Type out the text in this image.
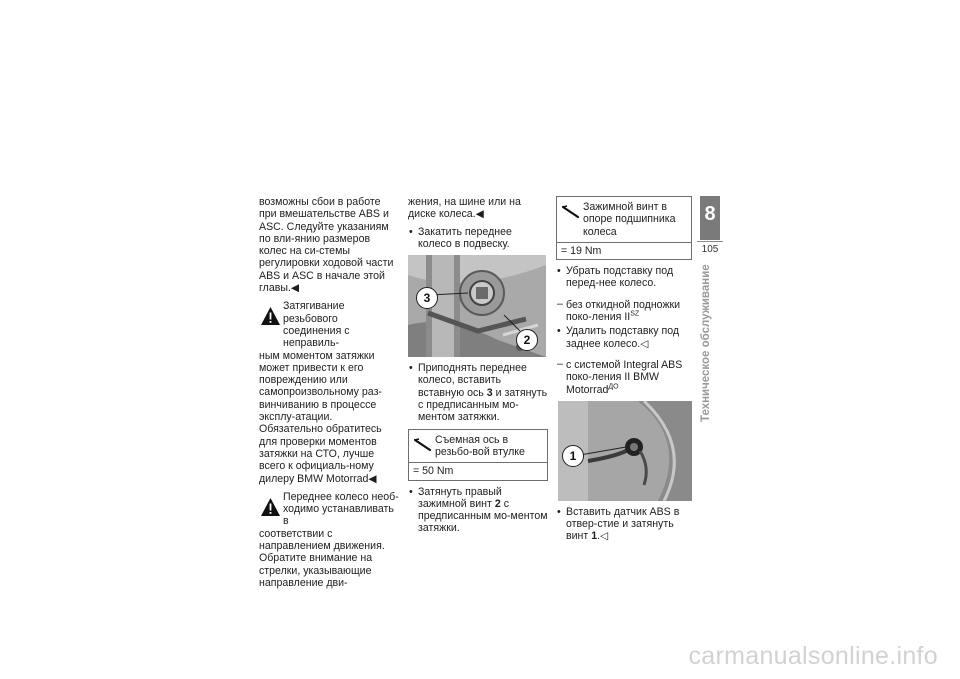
возможны сбои в работе при вмешательстве ABS и ASC. Следуйте указаниям по вли-янию размеров колес на си-стемы регулировки ходовой части ABS и ASC в начале этой главы.◀
Затягивание резьбового соединения с неправиль-
ным моментом затяжки может привести к его повреждению или самопроизвольному раз-винчиванию в процессе эксплу-атации.
Обязательно обратитесь для проверки моментов затяжки на СТО, лучше всего к официаль-ному дилеру BMW Motorrad◀
Переднее колесо необ-ходимо устанавливать в
соответствии с направлением движения.
Обратите внимание на стрелки, указывающие направление дви-
жения, на шине или на диске колеса.◀
• Закатить переднее колесо в подвеску.
3
2
• Приподнять переднее колесо, вставить вставную ось 3 и затянуть с предписанным мо-ментом затяжки.
Съемная ось в резьбо-вой втулке
= 50 Nm
• Затянуть правый зажимной винт 2 с предписанным мо-ментом затяжки.
Зажимной винт в опоре подшипника колеса
= 19 Nm
• Убрать подставку под перед-нее колесо.
– без откидной подножки поко-ления $II^{SZ}$
• Удалить подставку под заднее колесо.◁
– с системой Integral ABS поко-ления II BMW Motorrad$^{ДО}$
1
• Вставить датчик ABS в отвер-стие и затянуть винт 1.◁
8
105
Техническое обслуживание
carmanualsonline.info
